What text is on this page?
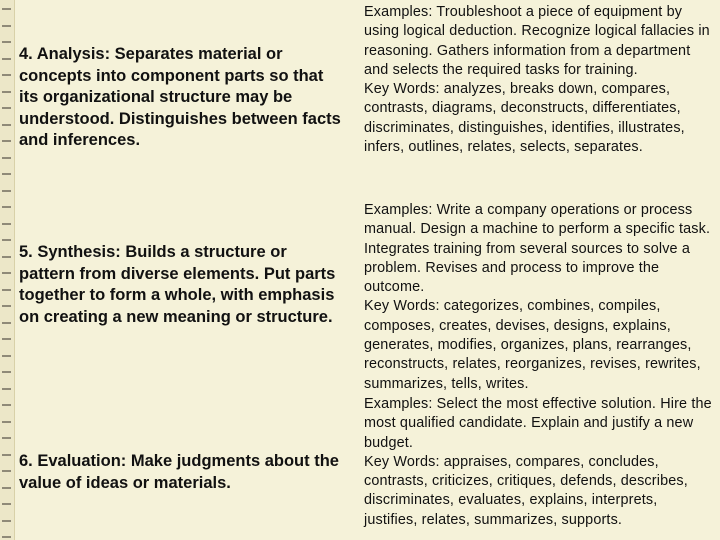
4. Analysis: Separates material or concepts into component parts so that its organizational structure may be understood. Distinguishes between facts and inferences.

Examples: Troubleshoot a piece of equipment by using logical deduction. Recognize logical fallacies in reasoning. Gathers information from a department and selects the required tasks for training.

Key Words: analyzes, breaks down, compares, contrasts, diagrams, deconstructs, differentiates, discriminates, distinguishes, identifies, illustrates, infers, outlines, relates, selects, separates.

5. Synthesis: Builds a structure or pattern from diverse elements. Put parts together to form a whole, with emphasis on creating a new meaning or structure.

Examples: Write a company operations or process manual. Design a machine to perform a specific task. Integrates training from several sources to solve a problem. Revises and process to improve the outcome.

Key Words: categorizes, combines, compiles, composes, creates, devises, designs, explains, generates, modifies, organizes, plans, rearranges, reconstructs, relates, reorganizes, revises, rewrites, summarizes, tells, writes.

6. Evaluation: Make judgments about the value of ideas or materials.

Examples: Select the most effective solution. Hire the most qualified candidate. Explain and justify a new budget.

Key Words: appraises, compares, concludes, contrasts, criticizes, critiques, defends, describes, discriminates, evaluates, explains, interprets, justifies, relates, summarizes, supports.
